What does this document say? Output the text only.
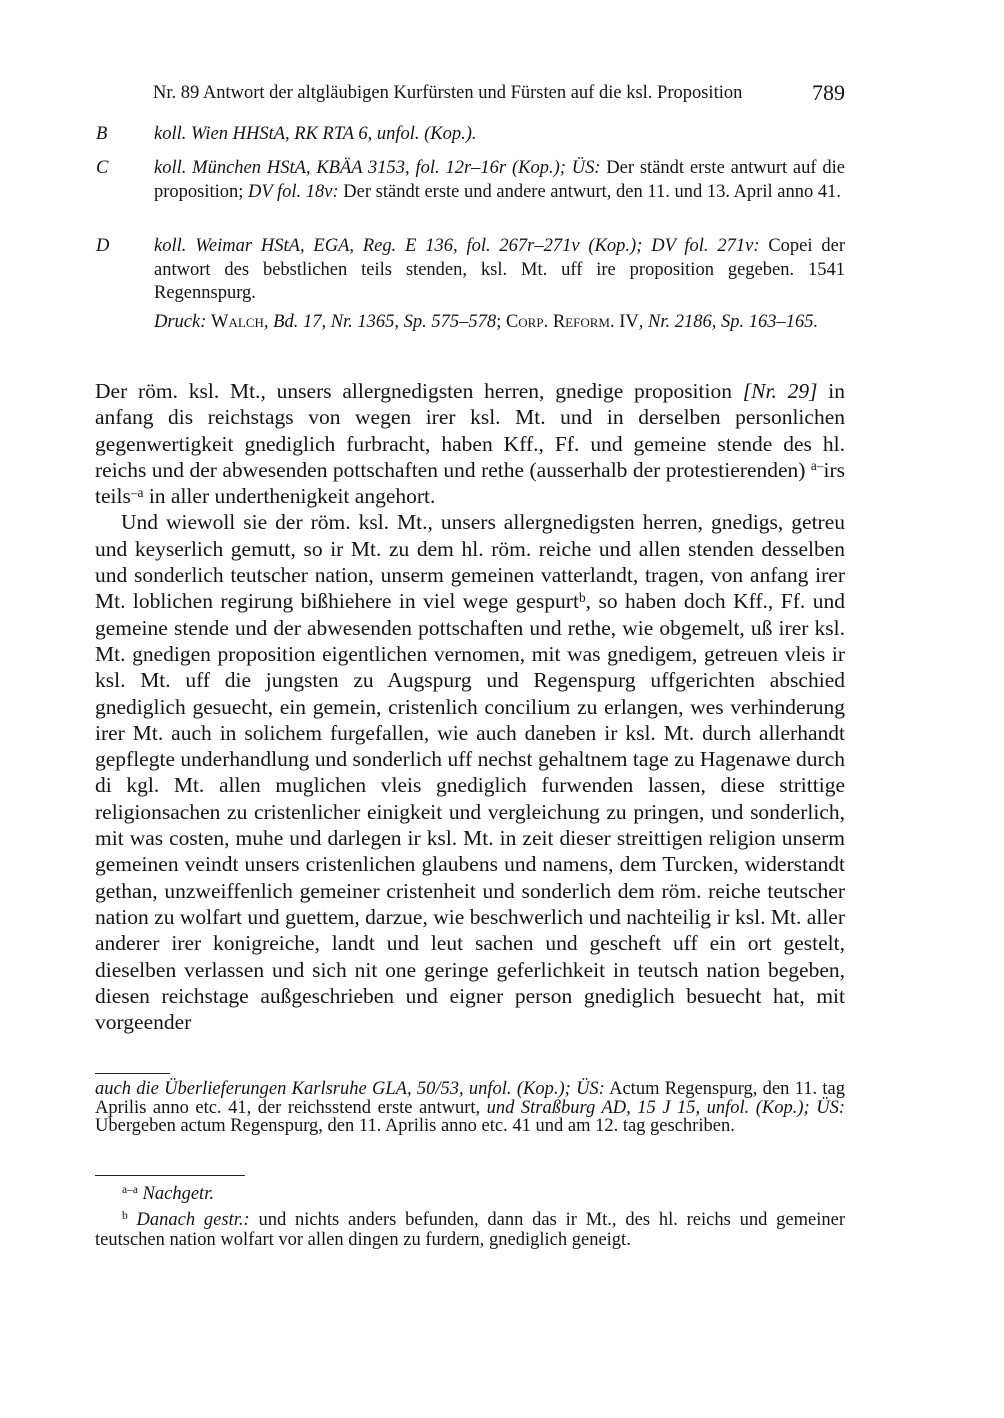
Nr. 89 Antwort der altgläubigen Kurfürsten und Fürsten auf die ksl. Proposition	789
B	koll. Wien HHStA, RK RTA 6, unfol. (Kop.).
C koll. München HStA, KBÄA 3153, fol. 12r–16r (Kop.); ÜS: Der ständt erste antwurt auf die proposition; DV fol. 18v: Der ständt erste und andere antwurt, den 11. und 13. April anno 41.
D koll. Weimar HStA, EGA, Reg. E 136, fol. 267r–271v (Kop.); DV fol. 271v: Copei der antwort des bebstlichen teils stenden, ksl. Mt. uff ire proposition gegeben. 1541 Regennspurg.
Druck: Walch, Bd. 17, Nr. 1365, Sp. 575–578; Corp. Reform. IV, Nr. 2186, Sp. 163–165.

Der röm. ksl. Mt., unsers allergnedigsten herren, gnedige proposition [Nr. 29] in anfang dis reichstags von wegen irer ksl. Mt. und in derselben personlichen gegenwertigkeit gnediglich furbracht, haben Kff., Ff. und gemeine stende des hl. reichs und der abwesenden pottschaften und rethe (ausserhalb der protestierenden) $^{a-}$irs teils$^{-a}$ in aller underthenigkeit angehort.

Und wiewoll sie der röm. ksl. Mt., unsers allergnedigsten herren, gnedigs, getreu und keyserlich gemutt, so ir Mt. zu dem hl. röm. reiche und allen stenden desselben und sonderlich teutscher nation, unserm gemeinen vatterlandt, tragen, von anfang irer Mt. loblichen regirung bißhiehere in viel wege gespurt$^b$, so haben doch Kff., Ff. und gemeine stende und der abwesenden pottschaften und rethe, wie obgemelt, uß irer ksl. Mt. gnedigen proposition eigentlichen vernomen, mit was gnedigem, getreuen vleis ir ksl. Mt. uff die jungsten zu Augspurg und Regenspurg uffgerichten abschied gnediglich gesuecht, ein gemein, cristenlich concilium zu erlangen, wes verhinderung irer Mt. auch in solichem furgefallen, wie auch daneben ir ksl. Mt. durch allerhandt gepflegte underhandlung und sonderlich uff nechst gehaltnem tage zu Hagenawe durch di kgl. Mt. allen muglichen vleis gnediglich furwenden lassen, diese strittige religionsachen zu cristenlicher einigkeit und vergleichung zu pringen, und sonderlich, mit was costen, muhe und darlegen ir ksl. Mt. in zeit dieser streittigen religion unserm gemeinen veindt unsers cristenlichen glaubens und namens, dem Turcken, widerstandt gethan, unzweiffenlich gemeiner cristenheit und sonderlich dem röm. reiche teutscher nation zu wolfart und guettem, darzue, wie beschwerlich und nachteilig ir ksl. Mt. aller anderer irer konigreiche, landt und leut sachen und gescheft uff ein ort gestelt, dieselben verlassen und sich nit one geringe geferlichkeit in teutsch nation begeben, diesen reichstage außgeschrieben und eigner person gnediglich besuecht hat, mit vorgeender

auch die Überlieferungen Karlsruhe GLA, 50/53, unfol. (Kop.); ÜS: Actum Regenspurg, den 11. tag Aprilis anno etc. 41, der reichsstend erste antwurt, und Straßburg AD, 15 J 15, unfol. (Kop.); ÜS: Ubergeben actum Regenspurg, den 11. Aprilis anno etc. 41 und am 12. tag geschriben.
$^{a-a}$ Nachgetr.
$^b$ Danach gestr.: und nichts anders befunden, dann das ir Mt., des hl. reichs und gemeiner teutschen nation wolfart vor allen dingen zu furdern, gnediglich geneigt.
